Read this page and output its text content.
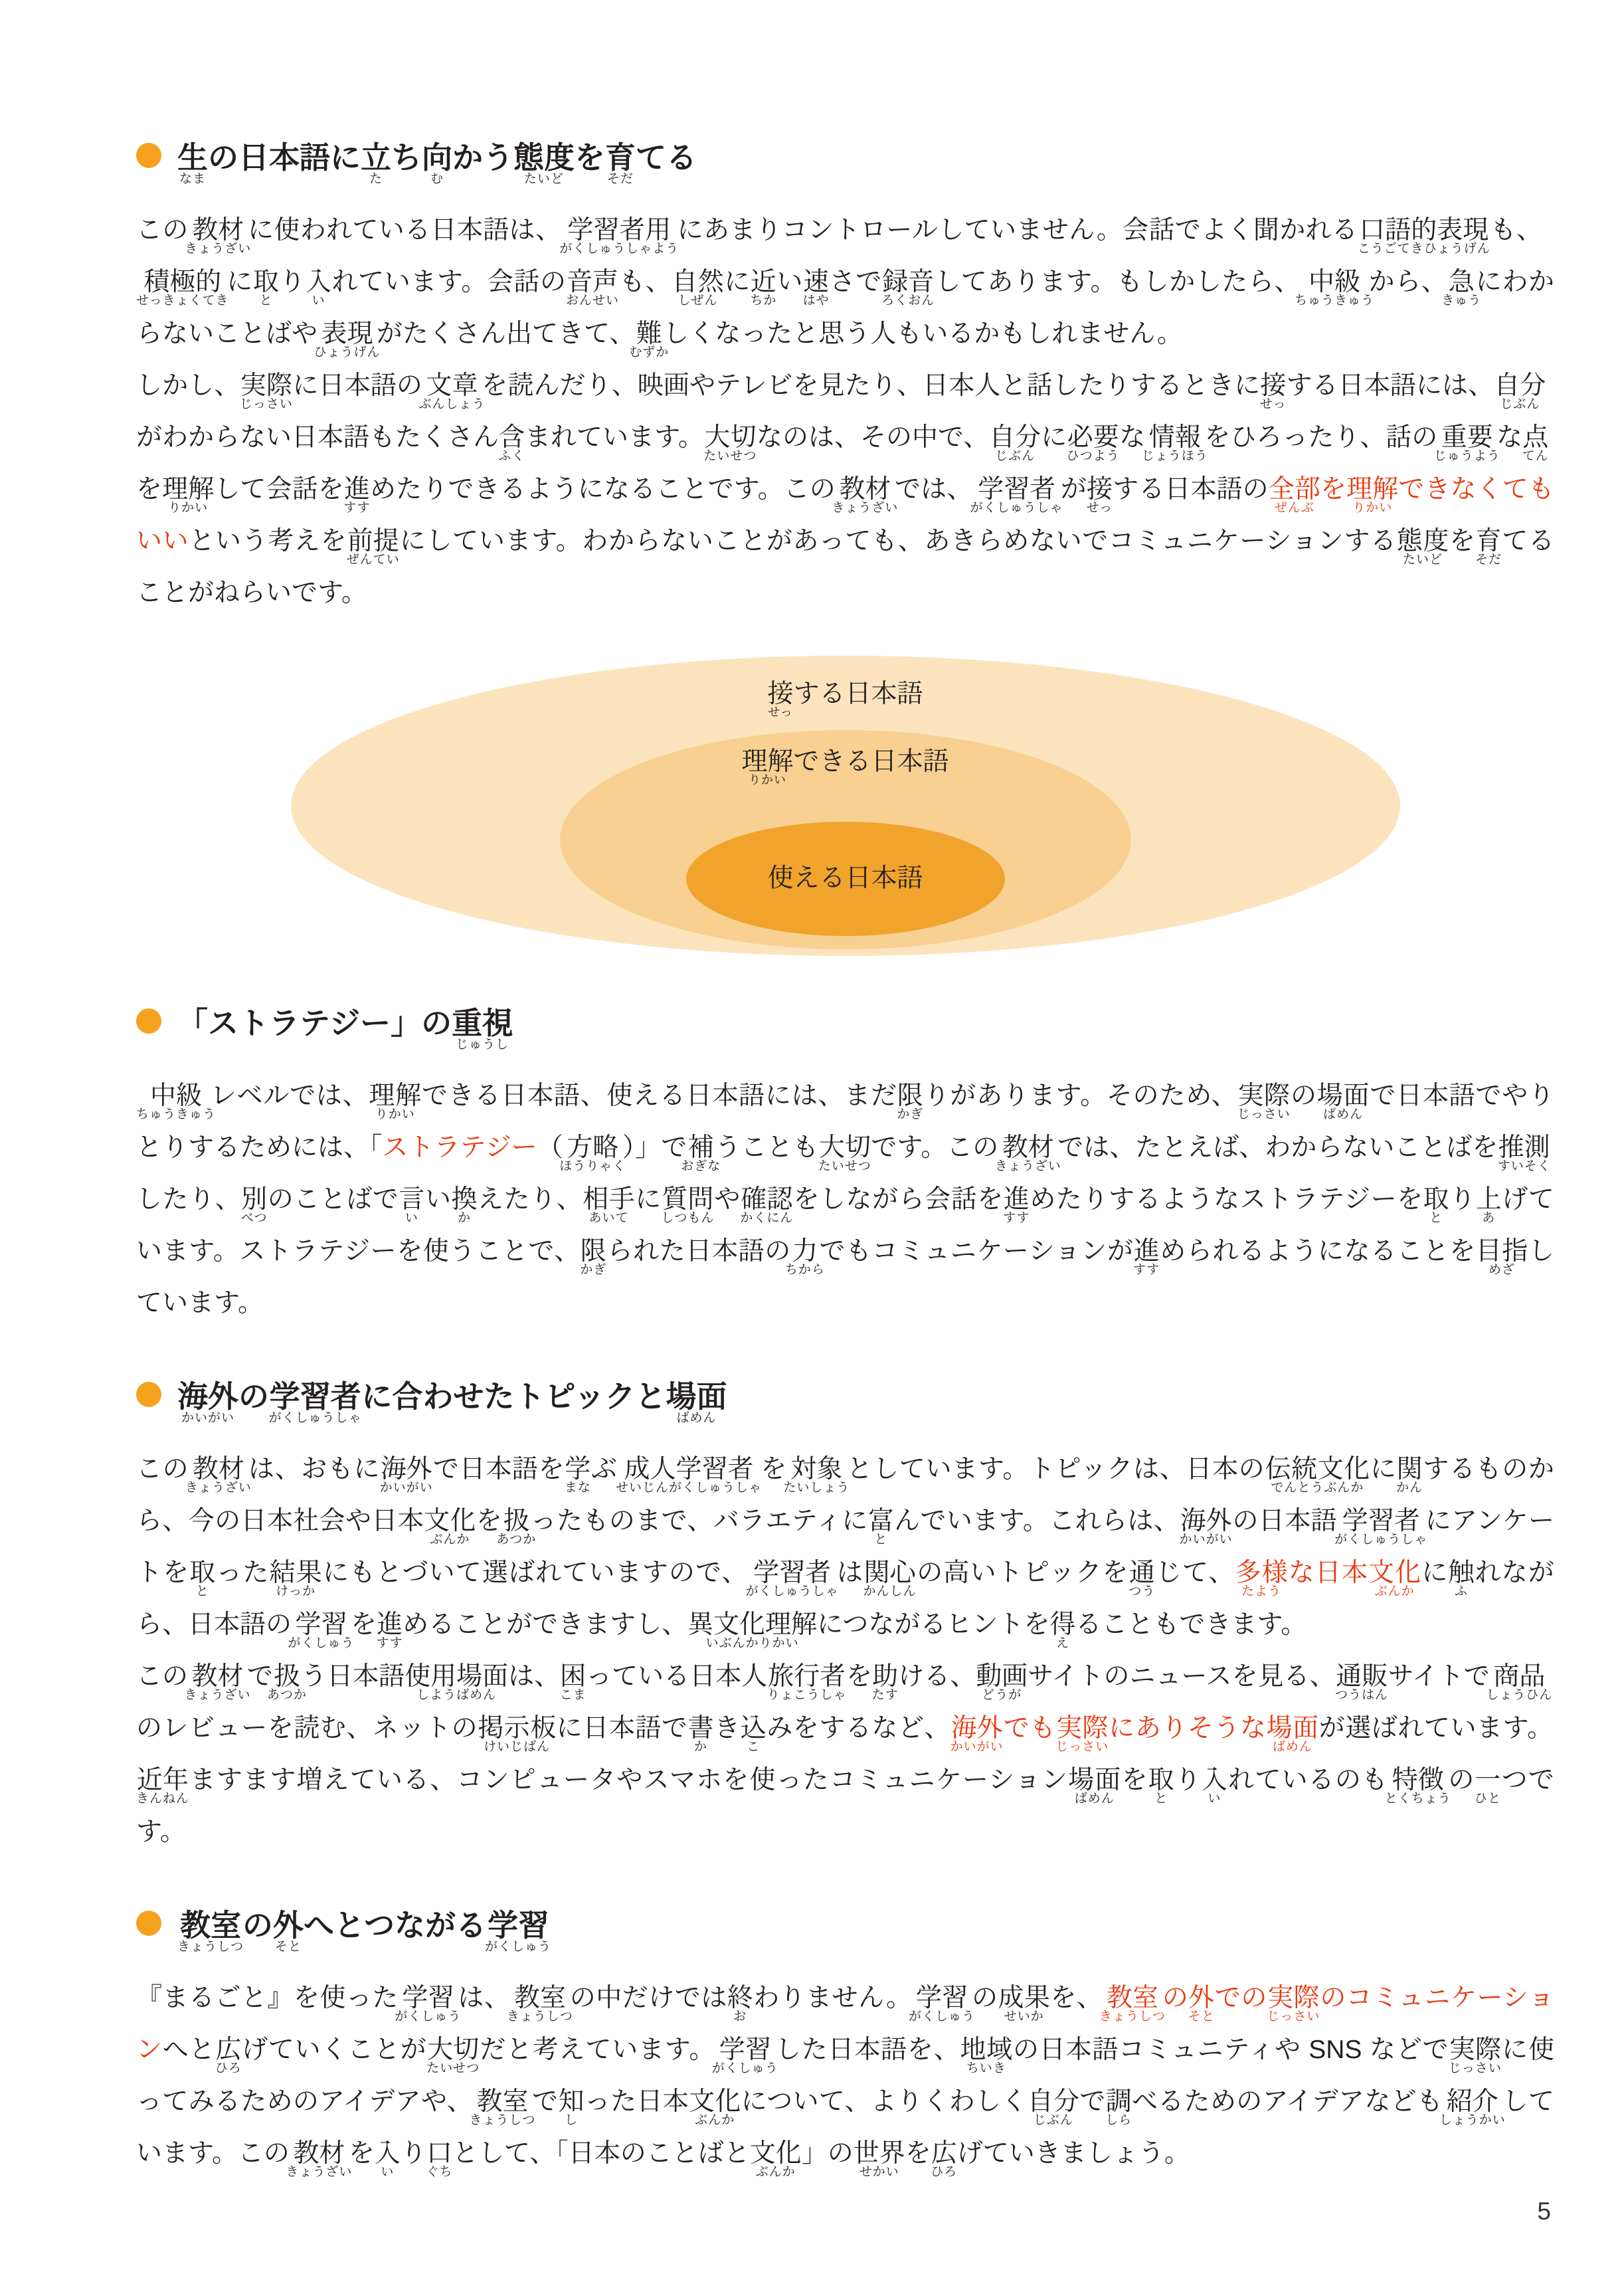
生なまの日本語に立たち向むかう態度たいどを育そだてる

この教材きょうざいに使われている日本語は、学習者用がくしゅうしゃようにあまりコントロールしていません。会話でよく聞かれる口語的表現こうごてきひょうげんも、積極的せっきょくてきに取とり入いれています。会話の音声おんせいも、自然しぜんに近ちかい速はやさで録音ろくおんしてあります。もしかしたら、中級ちゅうきゅうから、急きゅうにわからないことばや表現ひょうげんがたくさん出てきて、難むずかしくなったと思う人もいるかもしれません。

しかし、実際じっさいに日本語の文章ぶんしょうを読んだり、映画やテレビを見たり、日本人と話したりするときに接せっする日本語には、自分じぶんがわからない日本語もたくさん含ふくまれています。大切たいせつなのは、その中で、自分じぶんに必要ひつような情報じょうほうをひろったり、話の重要じゅうような点てんを理解りかいして会話を進すすめたりできるようになることです。この教材きょうざいでは、学習者がくしゅうしゃが接せっする日本語の全部ぜんぶを理解りかいできなくてもいいという考えを前提ぜんていにしています。わからないことがあっても、あきらめないでコミュニケーションする態度たいどを育そだてることがねらいです。

接せっする日本語
理解りかいできる日本語
使える日本語
「ストラテジー」の重視じゅうし

中級ちゅうきゅうレベルでは、理解りかいできる日本語、使える日本語には、まだ限かぎりがあります。そのため、実際じっさいの場面ばめんで日本語でやりとりするためには、「ストラテジー（方略ほうりゃく）」で補おぎなうことも大切たいせつです。この教材きょうざいでは、たとえば、わからないことばを推測すいそくしたり、別べつのことばで言いい換かえたり、相手あいてに質問しつもんや確認かくにんをしながら会話を進すすめたりするようなストラテジーを取とり上あげています。ストラテジーを使うことで、限かぎられた日本語の力ちからでもコミュニケーションが進すすめられるようになることを目指めざしています。

海外かいがいの学習者がくしゅうしゃに合わせたトピックと場面ばめん

この教材きょうざいは、おもに海外かいがいで日本語を学まなぶ成人学習者せいじんがくしゅうしゃを対象たいしょうとしています。トピックは、日本の伝統文化でんとうぶんかに関かんするものから、今の日本社会や日本文化ぶんかを扱あつかったものまで、バラエティに富とんでいます。これらは、海外かいがいの日本語学習者がくしゅうしゃにアンケートを取とった結果けっかにもとづいて選ばれていますので、学習者がくしゅうしゃは関心かんしんの高いトピックを通つうじて、多様たような日本文化ぶんかに触ふれながら、日本語の学習がくしゅうを進すすめることができますし、異文化理解いぶんかりかいにつながるヒントを得えることもできます。

この教材きょうざいで扱あつかう日本語使用場面しようばめんは、困こまっている日本人旅行者りょこうしゃを助たすける、動画どうがサイトのニュースを見る、通販つうはんサイトで商品しょうひんのレビューを読む、ネットの掲示板けいじばんに日本語で書かき込こみをするなど、海外かいがいでも実際じっさいにありそうな場面ばめんが選ばれています。近年きんねんますます増えている、コンピュータやスマホを使ったコミュニケーション場面ばめんを取とり入いれているのも特徴とくちょうの一ひとつです。

教室きょうしつの外そとへとつながる学習がくしゅう

『まるごと』を使った学習がくしゅうは、教室きょうしつの中だけでは終おわりません。学習がくしゅうの成果せいかを、教室きょうしつの外そとでの実際じっさいのコミュニケーションへと広ひろげていくことが大切たいせつだと考えています。学習がくしゅうした日本語を、地域ちいきの日本語コミュニティや SNS などで実際じっさいに使ってみるためのアイデアや、教室きょうしつで知しった日本文化ぶんかについて、よりくわしく自分じぶんで調しらべるためのアイデアなども紹介しょうかいしています。この教材きょうざいを入いり口ぐちとして、「日本のことばと文化ぶんか」の世界せかいを広ひろげていきましょう。

5
